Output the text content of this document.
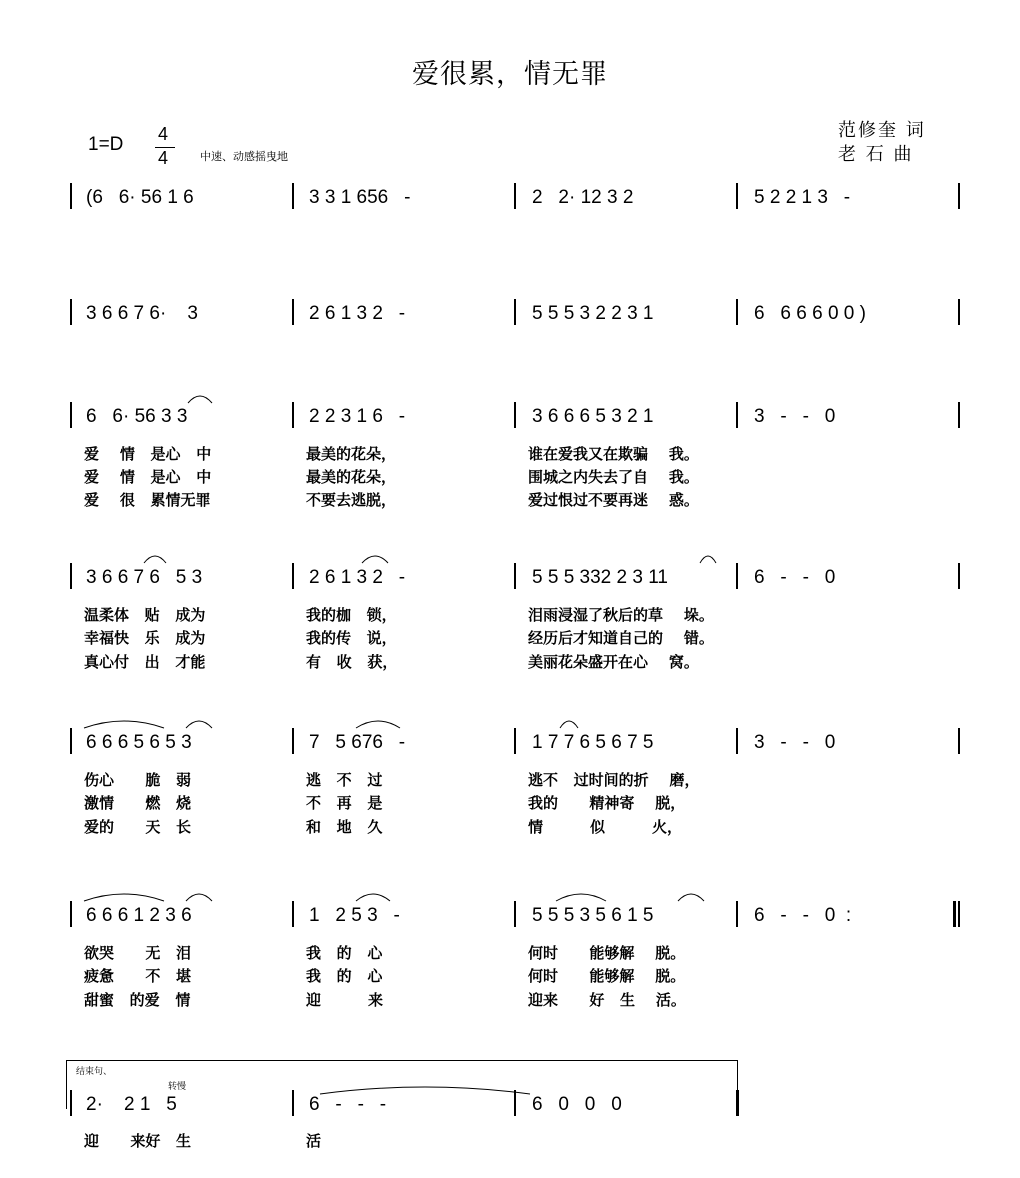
爱很累，情无罪
范修奎 词
老 石 曲
1=D 4
4	中速、动感摇曳地
结束句、
转慢
(6   6· 56 1 6	3 3 1 656   -	2   2· 12 3 2	5 2 2 1 3   -
3 6 6 7 6·    3	2 6 1 3 2   -	5 5 5 3 2 2 3 1	6   6 6 6 0 0 )
6   6· 56 3 3	2 2 3 1 6   -	3 6 6 6 5 3 2 1	3   -   -   0
3 6 6 7 6   5 3	2 6 1 3 2   -	5 5 5 332 2 3 11	6   -   -   0
6 6 6 5 6 5 3	7   5 676   -	1 7 7 6 5 6 7 5	3   -   -   0
6 6 6 1 2 3 6	1   2 5 3   -	5 5 5 3 5 6 1 5	6   -   -   0  :
2·    2 1   5	6   -   -   -	6   0   0   0
爱    情   是心   中	最美的花朵，	谁在爱我又在欺骗    我。
爱    情   是心   中	最美的花朵，	围城之内失去了自    我。
爱    很   累情无罪	不要去逃脱，	爱过恨过不要再迷    惑。
温柔体   贴   成为	我的枷   锁，	泪雨浸湿了秋后的草    垛。
幸福快   乐   成为	我的传   说，	经历后才知道自己的    错。
真心付   出   才能	有   收   获，	美丽花朵盛开在心    窝。
伤心      脆   弱	逃   不   过	逃不   过时间的折    磨，
激情      燃   烧	不   再   是	我的      精神寄    脱，
爱的      天   长	和   地   久	情         似         火，
欲哭      无   泪	我   的   心	何时      能够解    脱。
疲惫      不   堪	我   的   心	何时      能够解    脱。
甜蜜   的爱   情	迎         来	迎来      好   生    活。
迎      来好   生	活
